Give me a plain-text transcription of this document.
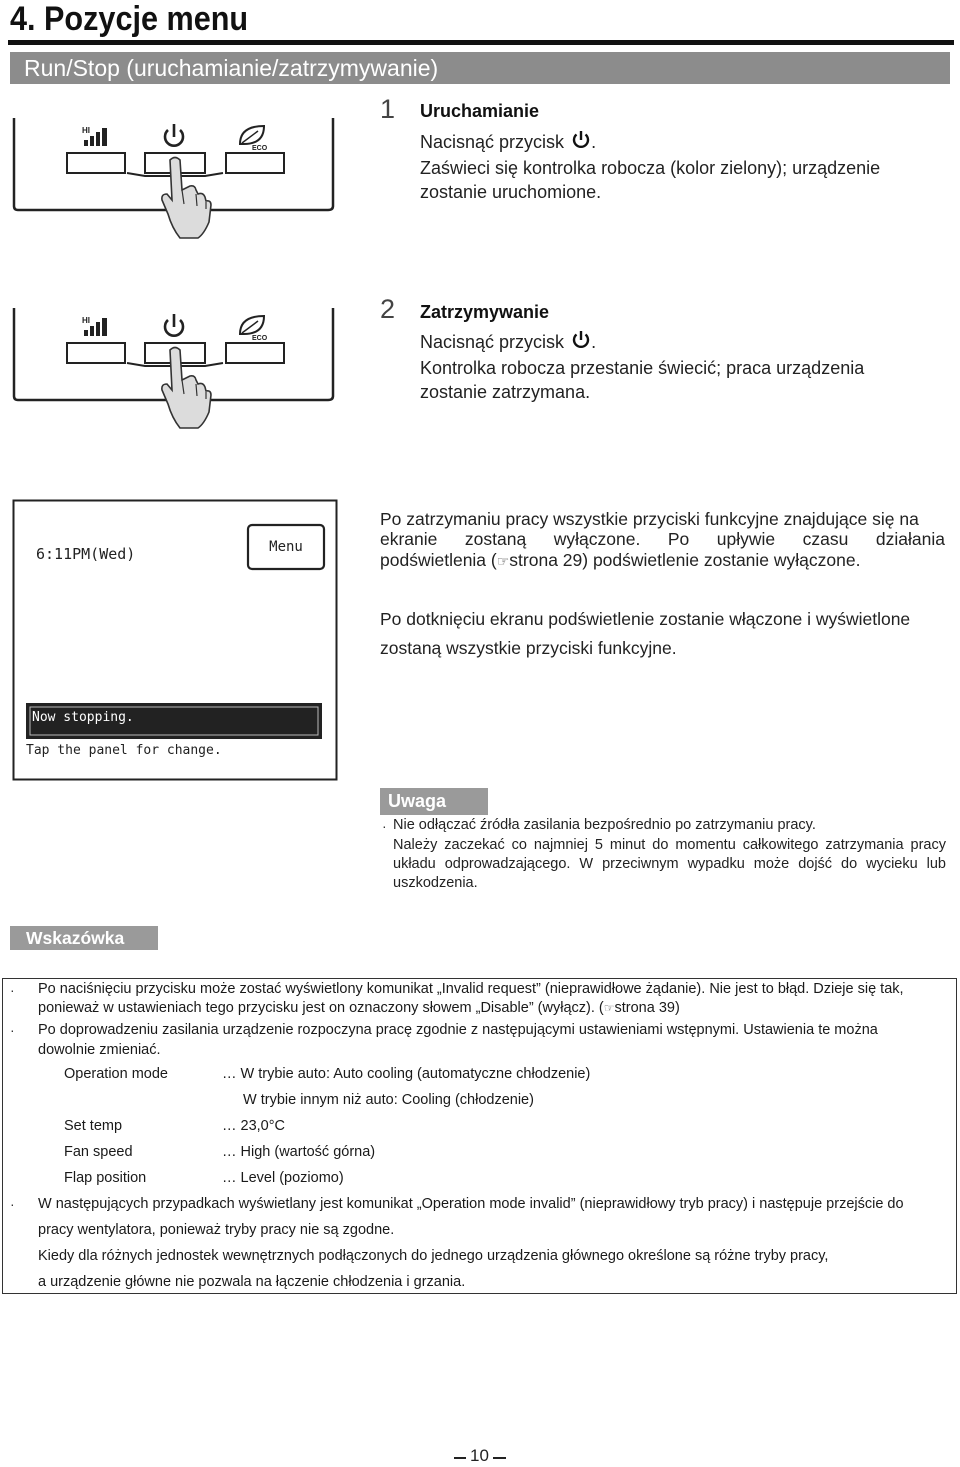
4. Pozycje menu
Run/Stop (uruchamianie/zatrzymywanie)
HI
ECO
1 Uruchamianie
Nacisnąć przycisk .
Zaświeci się kontrolka robocza (kolor zielony); urządzenie
zostanie uruchomione.
HI
ECO
2 Zatrzymywanie
Nacisnąć przycisk .
Kontrolka robocza przestanie świecić; praca urządzenia
zostanie zatrzymana.
6:11PM(Wed)	Menu
Now stopping.
Tap the panel for change.
Po zatrzymaniu pracy wszystkie przyciski funkcyjne znajdujące się na
ekranie zostaną wyłączone. Po upływie czasu działania
podświetlenia (☞strona 29) podświetlenie zostanie wyłączone.
Po dotknięciu ekranu podświetlenie zostanie włączone i wyświetlone
zostaną wszystkie przyciski funkcyjne.
Uwaga
· Nie odłączać źródła zasilania bezpośrednio po zatrzymaniu pracy.
Należy zaczekać co najmniej 5 minut do momentu całkowitego zatrzymania pracy
układu odprowadzającego. W przeciwnym wypadku może dojść do wycieku lub
uszkodzenia.
Wskazówka
· Po naciśnięciu przycisku może zostać wyświetlony komunikat „Invalid request” (nieprawidłowe żądanie). Nie jest to błąd. Dzieje się tak,
ponieważ w ustawieniach tego przycisku jest on oznaczony słowem „Disable” (wyłącz). (☞strona 39)
· Po doprowadzeniu zasilania urządzenie rozpoczyna pracę zgodnie z następującymi ustawieniami wstępnymi. Ustawienia te można
dowolnie zmieniać.
Operation mode	… W trybie auto: Auto cooling (automatyczne chłodzenie)
W trybie innym niż auto: Cooling (chłodzenie)
Set temp	… 23,0°C
Fan speed	… High (wartość górna)
Flap position	… Level (poziomo)
· W następujących przypadkach wyświetlany jest komunikat „Operation mode invalid” (nieprawidłowy tryb pracy) i następuje przejście do
pracy wentylatora, ponieważ tryby pracy nie są zgodne.
Kiedy dla różnych jednostek wewnętrznych podłączonych do jednego urządzenia głównego określone są różne tryby pracy,
a urządzenie główne nie pozwala na łączenie chłodzenia i grzania.
10
